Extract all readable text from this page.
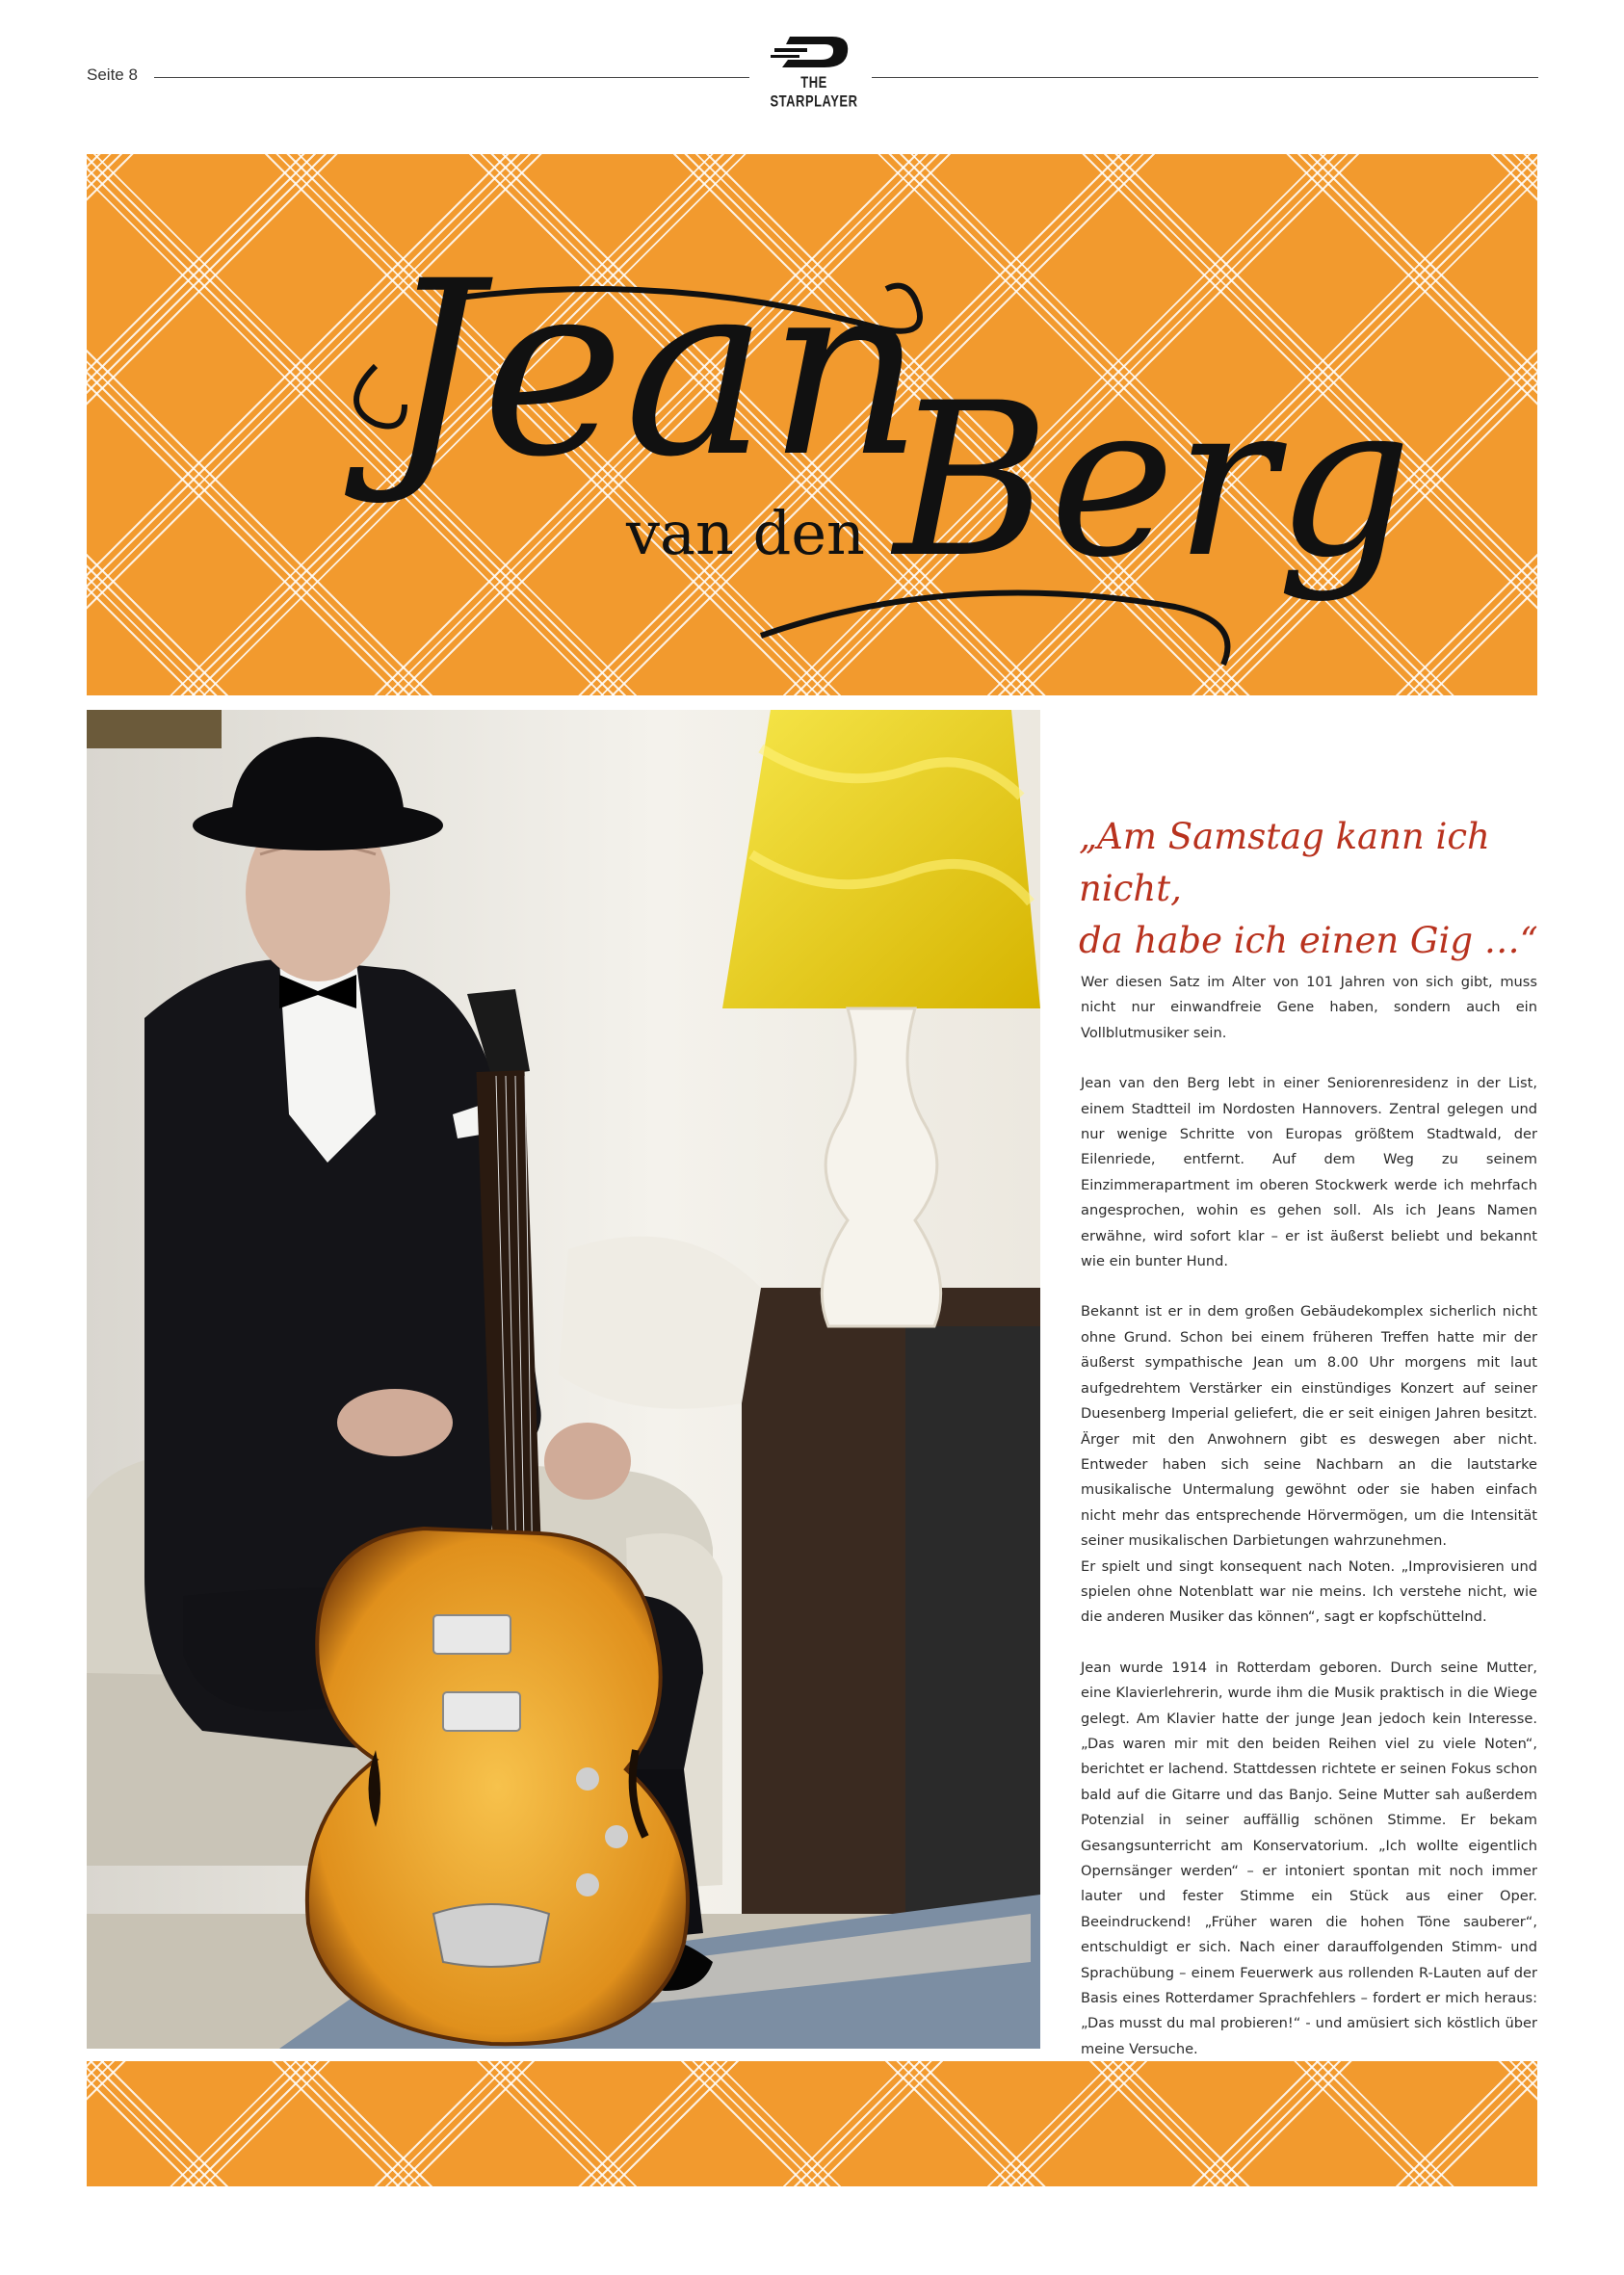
Seite 8	THE STARPLAYER
Jean
van den Berg
„Am Samstag kann ich nicht,
da habe ich einen Gig …“

Wer diesen Satz im Alter von 101 Jahren von sich gibt, muss nicht nur einwandfreie Gene haben, sondern auch ein Vollblutmusiker sein.

Jean van den Berg lebt in einer Seniorenresidenz in der List, einem Stadtteil im Nordosten Hannovers. Zentral gelegen und nur wenige Schritte von Europas größtem Stadtwald, der Eilenriede, entfernt. Auf dem Weg zu seinem Einzimmerapartment im oberen Stockwerk werde ich mehrfach angesprochen, wohin es gehen soll. Als ich Jeans Namen erwähne, wird sofort klar – er ist äußerst beliebt und bekannt wie ein bunter Hund.

Bekannt ist er in dem großen Gebäudekomplex sicherlich nicht ohne Grund. Schon bei einem früheren Treffen hatte mir der äußerst sympathische Jean um 8.00 Uhr morgens mit laut aufgedrehtem Verstärker ein einstündiges Konzert auf seiner Duesenberg Imperial geliefert, die er seit einigen Jahren besitzt. Ärger mit den Anwohnern gibt es deswegen aber nicht. Entweder haben sich seine Nachbarn an die lautstarke musikalische Untermalung gewöhnt oder sie haben einfach nicht mehr das entsprechende Hörvermögen, um die Intensität seiner musikalischen Darbietungen wahrzunehmen.

Er spielt und singt konsequent nach Noten. „Improvisieren und spielen ohne Notenblatt war nie meins. Ich verstehe nicht, wie die anderen Musiker das können“, sagt er kopfschüttelnd.

Jean wurde 1914 in Rotterdam geboren. Durch seine Mutter, eine Klavierlehrerin, wurde ihm die Musik praktisch in die Wiege gelegt. Am Klavier hatte der junge Jean jedoch kein Interesse. „Das waren mir mit den beiden Reihen viel zu viele Noten“, berichtet er lachend. Stattdessen richtete er seinen Fokus schon bald auf die Gitarre und das Banjo. Seine Mutter sah außerdem Potenzial in seiner auffällig schönen Stimme. Er bekam Gesangsunterricht am Konservatorium. „Ich wollte eigentlich Opernsänger werden“ – er intoniert spontan mit noch immer lauter und fester Stimme ein Stück aus einer Oper. Beeindruckend! „Früher waren die hohen Töne sauberer“, entschuldigt er sich. Nach einer darauffolgenden Stimm- und Sprachübung – einem Feuerwerk aus rollenden R-Lauten auf der Basis eines Rotterdamer Sprachfehlers – fordert er mich heraus: „Das musst du mal probieren!“ - und amüsiert sich köstlich über meine Versuche.
